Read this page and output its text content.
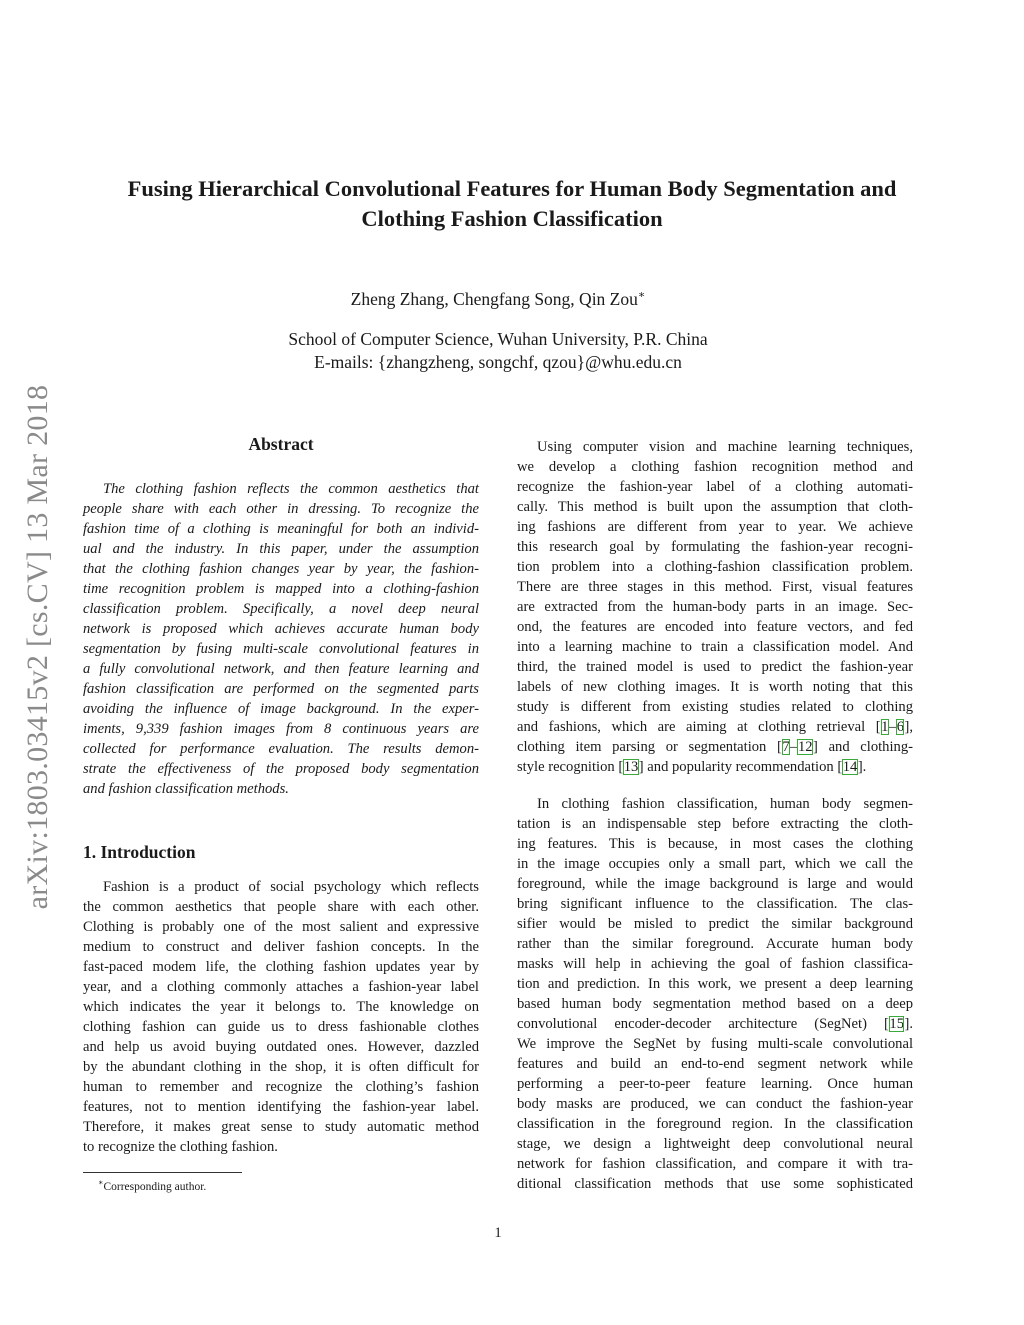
Fusing Hierarchical Convolutional Features for Human Body Segmentation and
Clothing Fashion Classification
Zheng Zhang, Chengfang Song, Qin Zou∗
School of Computer Science, Wuhan University, P.R. China
E-mails: {zhangzheng, songchf, qzou}@whu.edu.cn
arXiv:1803.03415v2 [cs.CV] 13 Mar 2018	Abstract
The clothing fashion reflects the common aesthetics that
people share with each other in dressing. To recognize the
fashion time of a clothing is meaningful for both an individ-
ual and the industry. In this paper, under the assumption
that the clothing fashion changes year by year, the fashion-
time recognition problem is mapped into a clothing-fashion
classification problem. Specifically, a novel deep neural
network is proposed which achieves accurate human body
segmentation by fusing multi-scale convolutional features in
a fully convolutional network, and then feature learning and
fashion classification are performed on the segmented parts
avoiding the influence of image background. In the exper-
iments, 9,339 fashion images from 8 continuous years are
collected for performance evaluation. The results demon-
strate the effectiveness of the proposed body segmentation
and fashion classification methods.
1. Introduction
Fashion is a product of social psychology which reflects
the common aesthetics that people share with each other.
Clothing is probably one of the most salient and expressive
medium to construct and deliver fashion concepts. In the
fast-paced modem life, the clothing fashion updates year by
year, and a clothing commonly attaches a fashion-year label
which indicates the year it belongs to. The knowledge on
clothing fashion can guide us to dress fashionable clothes
and help us avoid buying outdated ones. However, dazzled
by the abundant clothing in the shop, it is often difficult for
human to remember and recognize the clothing’s fashion
features, not to mention identifying the fashion-year label.
Therefore, it makes great sense to study automatic method
to recognize the clothing fashion.
Using computer vision and machine learning techniques,
we develop a clothing fashion recognition method and
recognize the fashion-year label of a clothing automati-
cally. This method is built upon the assumption that cloth-
ing fashions are different from year to year. We achieve
this research goal by formulating the fashion-year recogni-
tion problem into a clothing-fashion classification problem.
There are three stages in this method. First, visual features
are extracted from the human-body parts in an image. Sec-
ond, the features are encoded into feature vectors, and fed
into a learning machine to train a classification model. And
third, the trained model is used to predict the fashion-year
labels of new clothing images. It is worth noting that this
study is different from existing studies related to clothing
and fashions, which are aiming at clothing retrieval [1–6],
clothing item parsing or segmentation [7–12] and clothing-
style recognition [13] and popularity recommendation [14].
In clothing fashion classification, human body segmen-
tation is an indispensable step before extracting the cloth-
ing features. This is because, in most cases the clothing
in the image occupies only a small part, which we call the
foreground, while the image background is large and would
bring significant influence to the classification. The clas-
sifier would be misled to predict the similar background
rather than the similar foreground. Accurate human body
masks will help in achieving the goal of fashion classifica-
tion and prediction. In this work, we present a deep learning
based human body segmentation method based on a deep
convolutional encoder-decoder architecture (SegNet) [15].
We improve the SegNet by fusing multi-scale convolutional
features and build an end-to-end segment network while
performing a peer-to-peer feature learning. Once human
body masks are produced, we can conduct the fashion-year
classification in the foreground region. In the classification
stage, we design a lightweight deep convolutional neural
network for fashion classification, and compare it with tra-
ditional classification methods that use some sophisticated
∗Corresponding author.
1
